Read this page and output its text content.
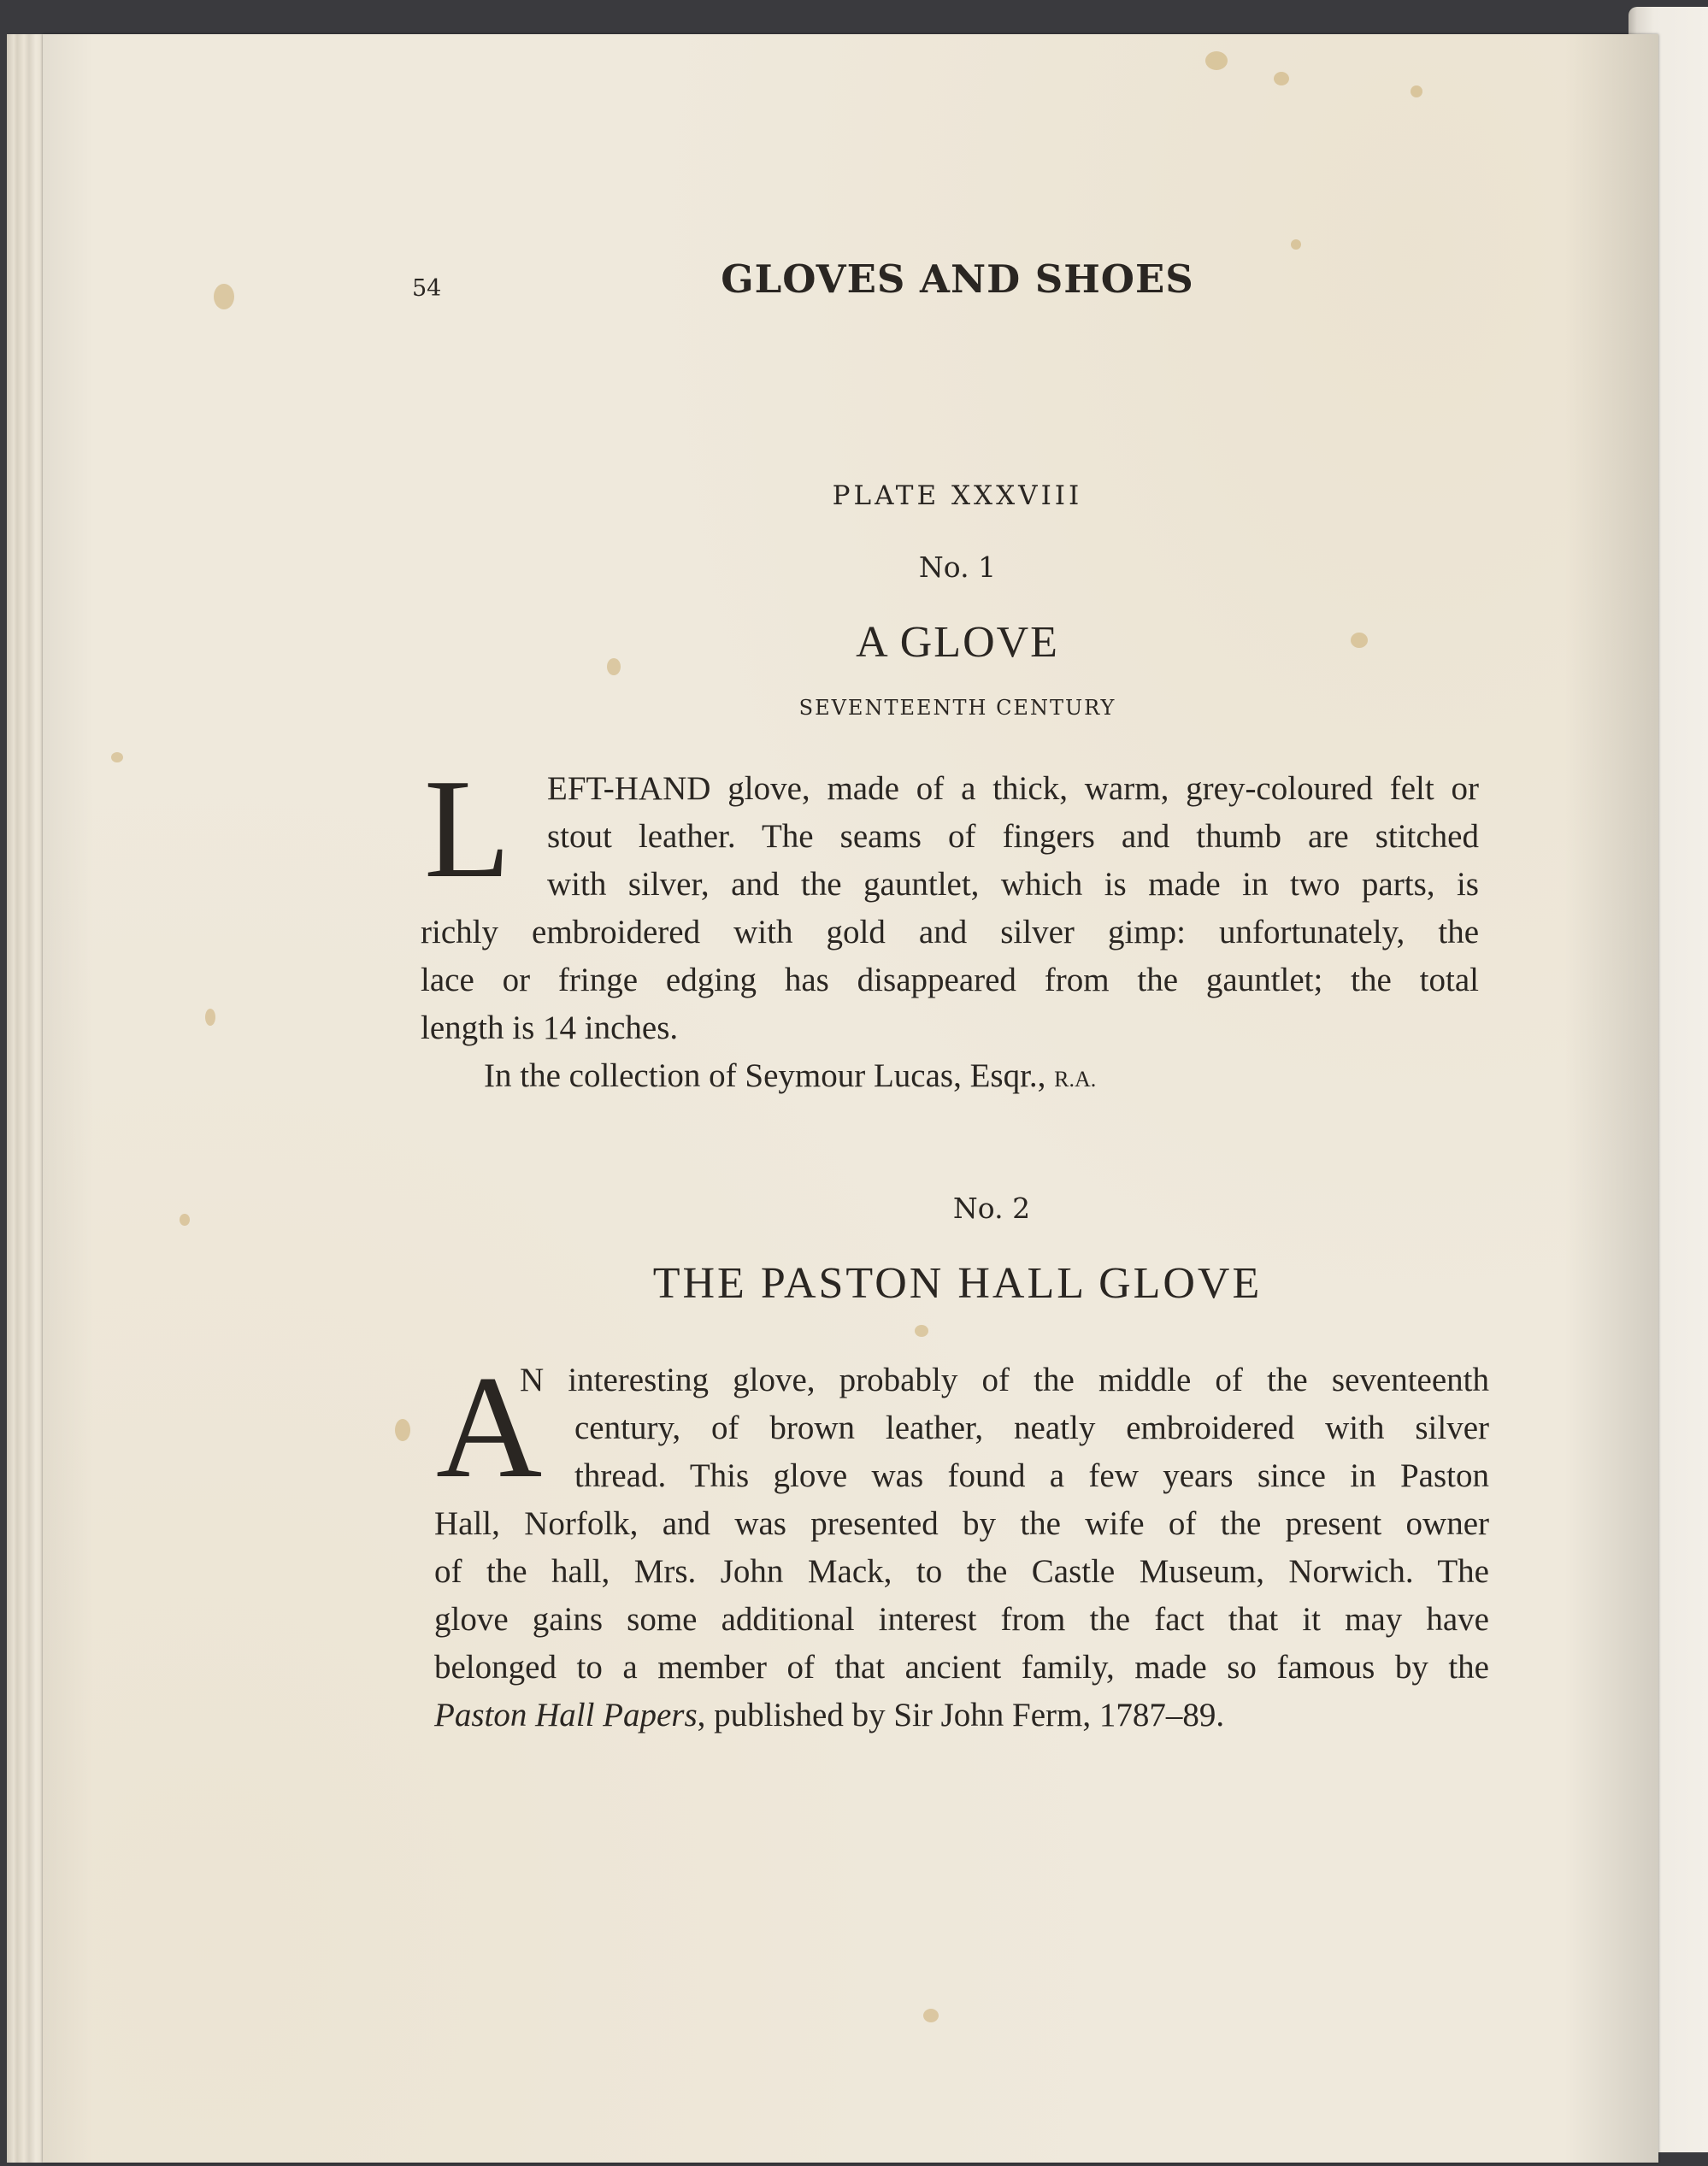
54	GLOVES AND SHOES
PLATE XXXVIII
No. 1
A GLOVE
SEVENTEENTH CENTURY
L EFT-HAND glove, made of a thick, warm, grey-coloured felt or
stout leather. The seams of fingers and thumb are stitched
with silver, and the gauntlet, which is made in two parts, is
richly embroidered with gold and silver gimp: unfortunately, the
lace or fringe edging has disappeared from the gauntlet; the total
length is 14 inches.
In the collection of Seymour Lucas, Esqr., R.A.
No. 2
THE PASTON HALL GLOVE
A
N interesting glove, probably of the middle of the seventeenth
century, of brown leather, neatly embroidered with silver
thread. This glove was found a few years since in Paston
Hall, Norfolk, and was presented by the wife of the present owner
of the hall, Mrs. John Mack, to the Castle Museum, Norwich. The
glove gains some additional interest from the fact that it may have
belonged to a member of that ancient family, made so famous by the
Paston Hall Papers, published by Sir John Ferm, 1787–89.
